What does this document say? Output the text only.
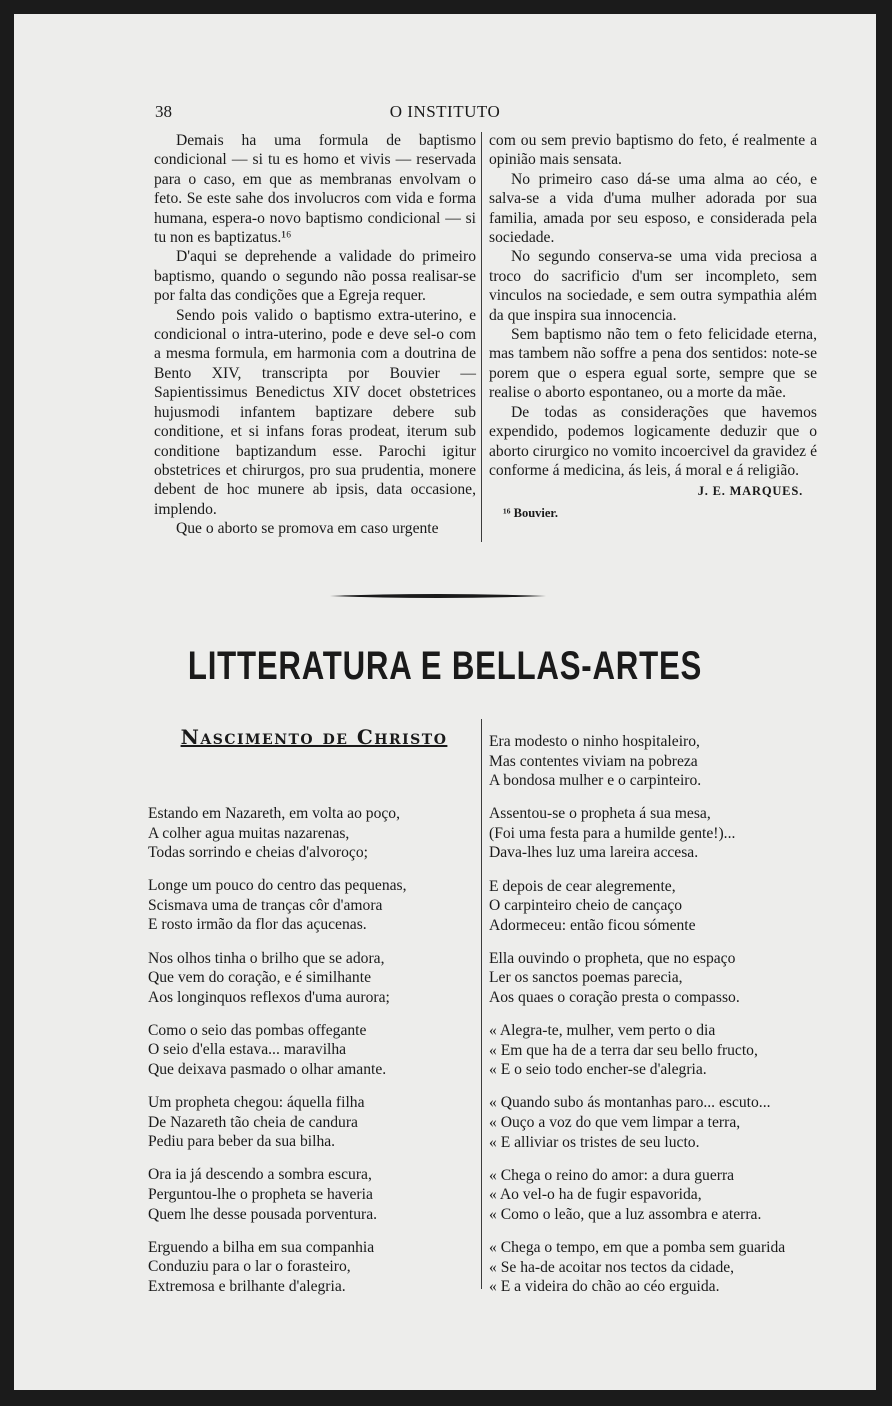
38	O INSTITUTO

Demais ha uma formula de baptismo condicional — si tu es homo et vivis — reservada para o caso, em que as membranas envolvam o feto. Se este sahe dos involucros com vida e forma humana, espera-o novo baptismo condicional — si tu non es baptizatus.¹⁶

D'aqui se deprehende a validade do primeiro baptismo, quando o segundo não possa realisar-se por falta das condições que a Egreja requer.

Sendo pois valido o baptismo extra-uterino, e condicional o intra-uterino, pode e deve sel-o com a mesma formula, em harmonia com a doutrina de Bento XIV, transcripta por Bouvier — Sapientissimus Benedictus XIV docet obstetrices hujusmodi infantem baptizare debere sub conditione, et si infans foras prodeat, iterum sub conditione baptizandum esse. Parochi igitur obstetrices et chirurgos, pro sua prudentia, monere debent de hoc munere ab ipsis, data occasione, implendo.

Que o aborto se promova em caso urgente

com ou sem previo baptismo do feto, é realmente a opinião mais sensata.

No primeiro caso dá-se uma alma ao céo, e salva-se a vida d'uma mulher adorada por sua familia, amada por seu esposo, e considerada pela sociedade.

No segundo conserva-se uma vida preciosa a troco do sacrificio d'um ser incompleto, sem vinculos na sociedade, e sem outra sympathia além da que inspira sua innocencia.

Sem baptismo não tem o feto felicidade eterna, mas tambem não soffre a pena dos sentidos: note-se porem que o espera egual sorte, sempre que se realise o aborto espontaneo, ou a morte da mãe.

De todas as considerações que havemos expendido, podemos logicamente deduzir que o aborto cirurgico no vomito incoercivel da gravidez é conforme á medicina, ás leis, á moral e á religião.

J. E. MARQUES.
¹⁶ Bouvier.
LITTERATURA E BELLAS-ARTES
Nascimento de Christo
Estando em Nazareth, em volta ao poço,
A colher agua muitas nazarenas,
Todas sorrindo e cheias d'alvoroço;
Longe um pouco do centro das pequenas,
Scismava uma de tranças côr d'amora
E rosto irmão da flor das açucenas.
Nos olhos tinha o brilho que se adora,
Que vem do coração, e é similhante
Aos longinquos reflexos d'uma aurora;
Como o seio das pombas offegante
O seio d'ella estava... maravilha
Que deixava pasmado o olhar amante.
Um propheta chegou: áquella filha
De Nazareth tão cheia de candura
Pediu para beber da sua bilha.
Ora ia já descendo a sombra escura,
Perguntou-lhe o propheta se haveria
Quem lhe desse pousada porventura.
Erguendo a bilha em sua companhia
Conduziu para o lar o forasteiro,
Extremosa e brilhante d'alegria.
Era modesto o ninho hospitaleiro,
Mas contentes viviam na pobreza
A bondosa mulher e o carpinteiro.
Assentou-se o propheta á sua mesa,
(Foi uma festa para a humilde gente!)...
Dava-lhes luz uma lareira accesa.
E depois de cear alegremente,
O carpinteiro cheio de cançaço
Adormeceu: então ficou sómente
Ella ouvindo o propheta, que no espaço
Ler os sanctos poemas parecia,
Aos quaes o coração presta o compasso.
« Alegra-te, mulher, vem perto o dia
« Em que ha de a terra dar seu bello fructo,
« E o seio todo encher-se d'alegria.
« Quando subo ás montanhas paro... escuto...
« Ouço a voz do que vem limpar a terra,
« E alliviar os tristes de seu lucto.
« Chega o reino do amor: a dura guerra
« Ao vel-o ha de fugir espavorida,
« Como o leão, que a luz assombra e aterra.
« Chega o tempo, em que a pomba sem guarida
« Se ha-de acoitar nos tectos da cidade,
« E a videira do chão ao céo erguida.
